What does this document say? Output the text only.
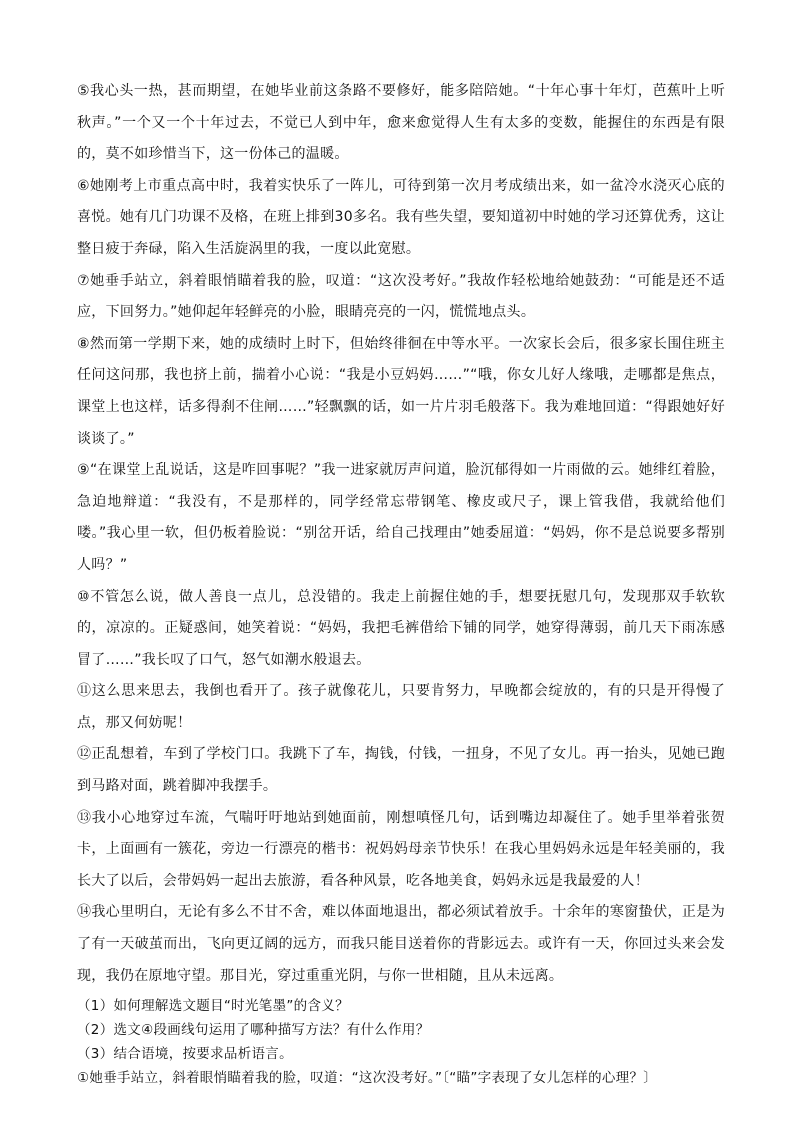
⑤我心头一热，甚而期望，在她毕业前这条路不要修好，能多陪陪她。“十年心事十年灯，芭蕉叶上听秋声。”一个又一个十年过去，不觉已人到中年，愈来愈觉得人生有太多的变数，能握住的东西是有限的，莫不如珍惜当下，这一份体己的温暖。

⑥她刚考上市重点高中时，我着实快乐了一阵儿，可待到第一次月考成绩出来，如一盆冷水浇灭心底的喜悦。她有几门功课不及格，在班上排到30多名。我有些失望，要知道初中时她的学习还算优秀，这让整日疲于奔碌，陷入生活旋涡里的我，一度以此宽慰。

⑦她垂手站立，斜着眼悄瞄着我的脸，叹道：“这次没考好。”我故作轻松地给她鼓劲：“可能是还不适应，下回努力。”她仰起年轻鲜亮的小脸，眼睛亮亮的一闪，慌慌地点头。

⑧然而第一学期下来，她的成绩时上时下，但始终徘徊在中等水平。一次家长会后，很多家长围住班主任问这问那，我也挤上前，揣着小心说：“我是小豆妈妈……”“哦，你女儿好人缘哦，走哪都是焦点，课堂上也这样，话多得刹不住闸……”轻飘飘的话，如一片片羽毛般落下。我为难地回道：“得跟她好好谈谈了。”

⑨“在课堂上乱说话，这是咋回事呢？”我一进家就厉声问道，脸沉郁得如一片雨做的云。她绯红着脸，急迫地辩道：“我没有，不是那样的，同学经常忘带钢笔、橡皮或尺子，课上管我借，我就给他们喽。”我心里一软，但仍板着脸说：“别岔开话，给自己找理由”她委屈道：“妈妈，你不是总说要多帮别人吗？”

⑩不管怎么说，做人善良一点儿，总没错的。我走上前握住她的手，想要抚慰几句，发现那双手软软的，凉凉的。正疑惑间，她笑着说：“妈妈，我把毛裤借给下铺的同学，她穿得薄弱，前几天下雨冻感冒了……”我长叹了口气，怒气如潮水般退去。

⑪这么思来思去，我倒也看开了。孩子就像花儿，只要肯努力，早晚都会绽放的，有的只是开得慢了点，那又何妨呢！

⑫正乱想着，车到了学校门口。我跳下了车，掏钱，付钱，一扭身，不见了女儿。再一抬头，见她已跑到马路对面，跳着脚冲我摆手。

⑬我小心地穿过车流，气喘吁吁地站到她面前，刚想嗔怪几句，话到嘴边却凝住了。她手里举着张贺卡，上面画有一簇花，旁边一行漂亮的楷书：祝妈妈母亲节快乐！在我心里妈妈永远是年轻美丽的，我长大了以后，会带妈妈一起出去旅游，看各种风景，吃各地美食，妈妈永远是我最爱的人！

⑭我心里明白，无论有多么不甘不舍，难以体面地退出，都必须试着放手。十余年的寒窗蛰伏，正是为了有一天破茧而出，飞向更辽阔的远方，而我只能目送着你的背影远去。或许有一天，你回过头来会发现，我仍在原地守望。那目光，穿过重重光阴，与你一世相随，且从未远离。

（1）如何理解选文题目“时光笔墨”的含义？

（2）选文④段画线句运用了哪种描写方法？有什么作用？

（3）结合语境，按要求品析语言。

①她垂手站立，斜着眼悄瞄着我的脸，叹道：“这次没考好。”〔“瞄”字表现了女儿怎样的心理？〕
